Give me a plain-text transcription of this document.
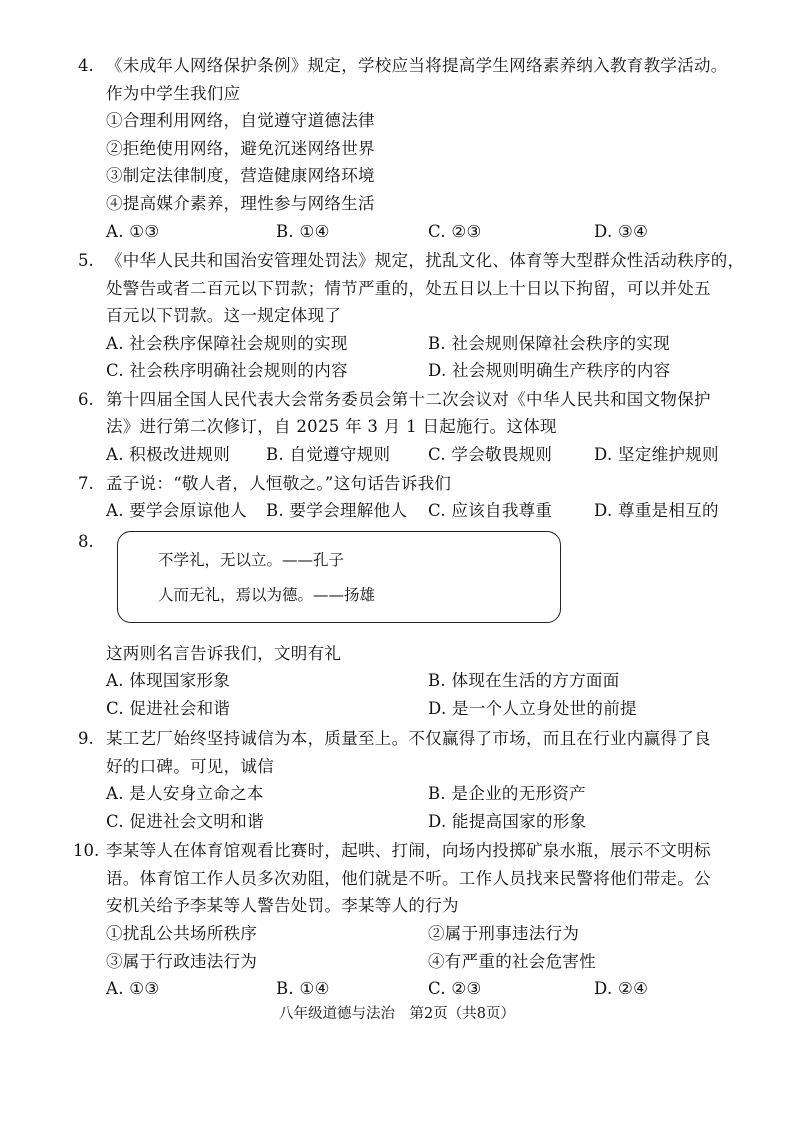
4. 《未成年人网络保护条例》规定，学校应当将提高学生网络素养纳入教育教学活动。
作为中学生我们应
①合理利用网络，自觉遵守道德法律
②拒绝使用网络，避免沉迷网络世界
③制定法律制度，营造健康网络环境
④提高媒介素养，理性参与网络生活
A. ①③	B. ①④	C. ②③	D. ③④
5. 《中华人民共和国治安管理处罚法》规定，扰乱文化、体育等大型群众性活动秩序的，
处警告或者二百元以下罚款；情节严重的，处五日以上十日以下拘留，可以并处五
百元以下罚款。这一规定体现了
A. 社会秩序保障社会规则的实现	B. 社会规则保障社会秩序的实现
C. 社会秩序明确社会规则的内容	D. 社会规则明确生产秩序的内容
6. 第十四届全国人民代表大会常务委员会第十二次会议对《中华人民共和国文物保护
法》进行第二次修订，自 2025 年 3 月 1 日起施行。这体现
A. 积极改进规则 B. 自觉遵守规则 C. 学会敬畏规则	D. 坚定维护规则
7. 孟子说：“敬人者，人恒敬之。”这句话告诉我们
A. 要学会原谅他人 B. 要学会理解他人 C. 应该自我尊重	D. 尊重是相互的
8.
不学礼，无以立。——孔子
人而无礼，焉以为德。——扬雄
这两则名言告诉我们，文明有礼
A. 体现国家形象	B. 体现在生活的方方面面
C. 促进社会和谐	D. 是一个人立身处世的前提
9. 某工艺厂始终坚持诚信为本，质量至上。不仅赢得了市场，而且在行业内赢得了良
好的口碑。可见，诚信
A. 是人安身立命之本	B. 是企业的无形资产
C. 促进社会文明和谐	D. 能提高国家的形象
10. 李某等人在体育馆观看比赛时，起哄、打闹，向场内投掷矿泉水瓶，展示不文明标
语。体育馆工作人员多次劝阻，他们就是不听。工作人员找来民警将他们带走。公
安机关给予李某等人警告处罚。李某等人的行为
①扰乱公共场所秩序	②属于刑事违法行为
③属于行政违法行为	④有严重的社会危害性
A. ①③	B. ①④	C. ②③	D. ②④
八年级道德与法治　第2页（共8页）
